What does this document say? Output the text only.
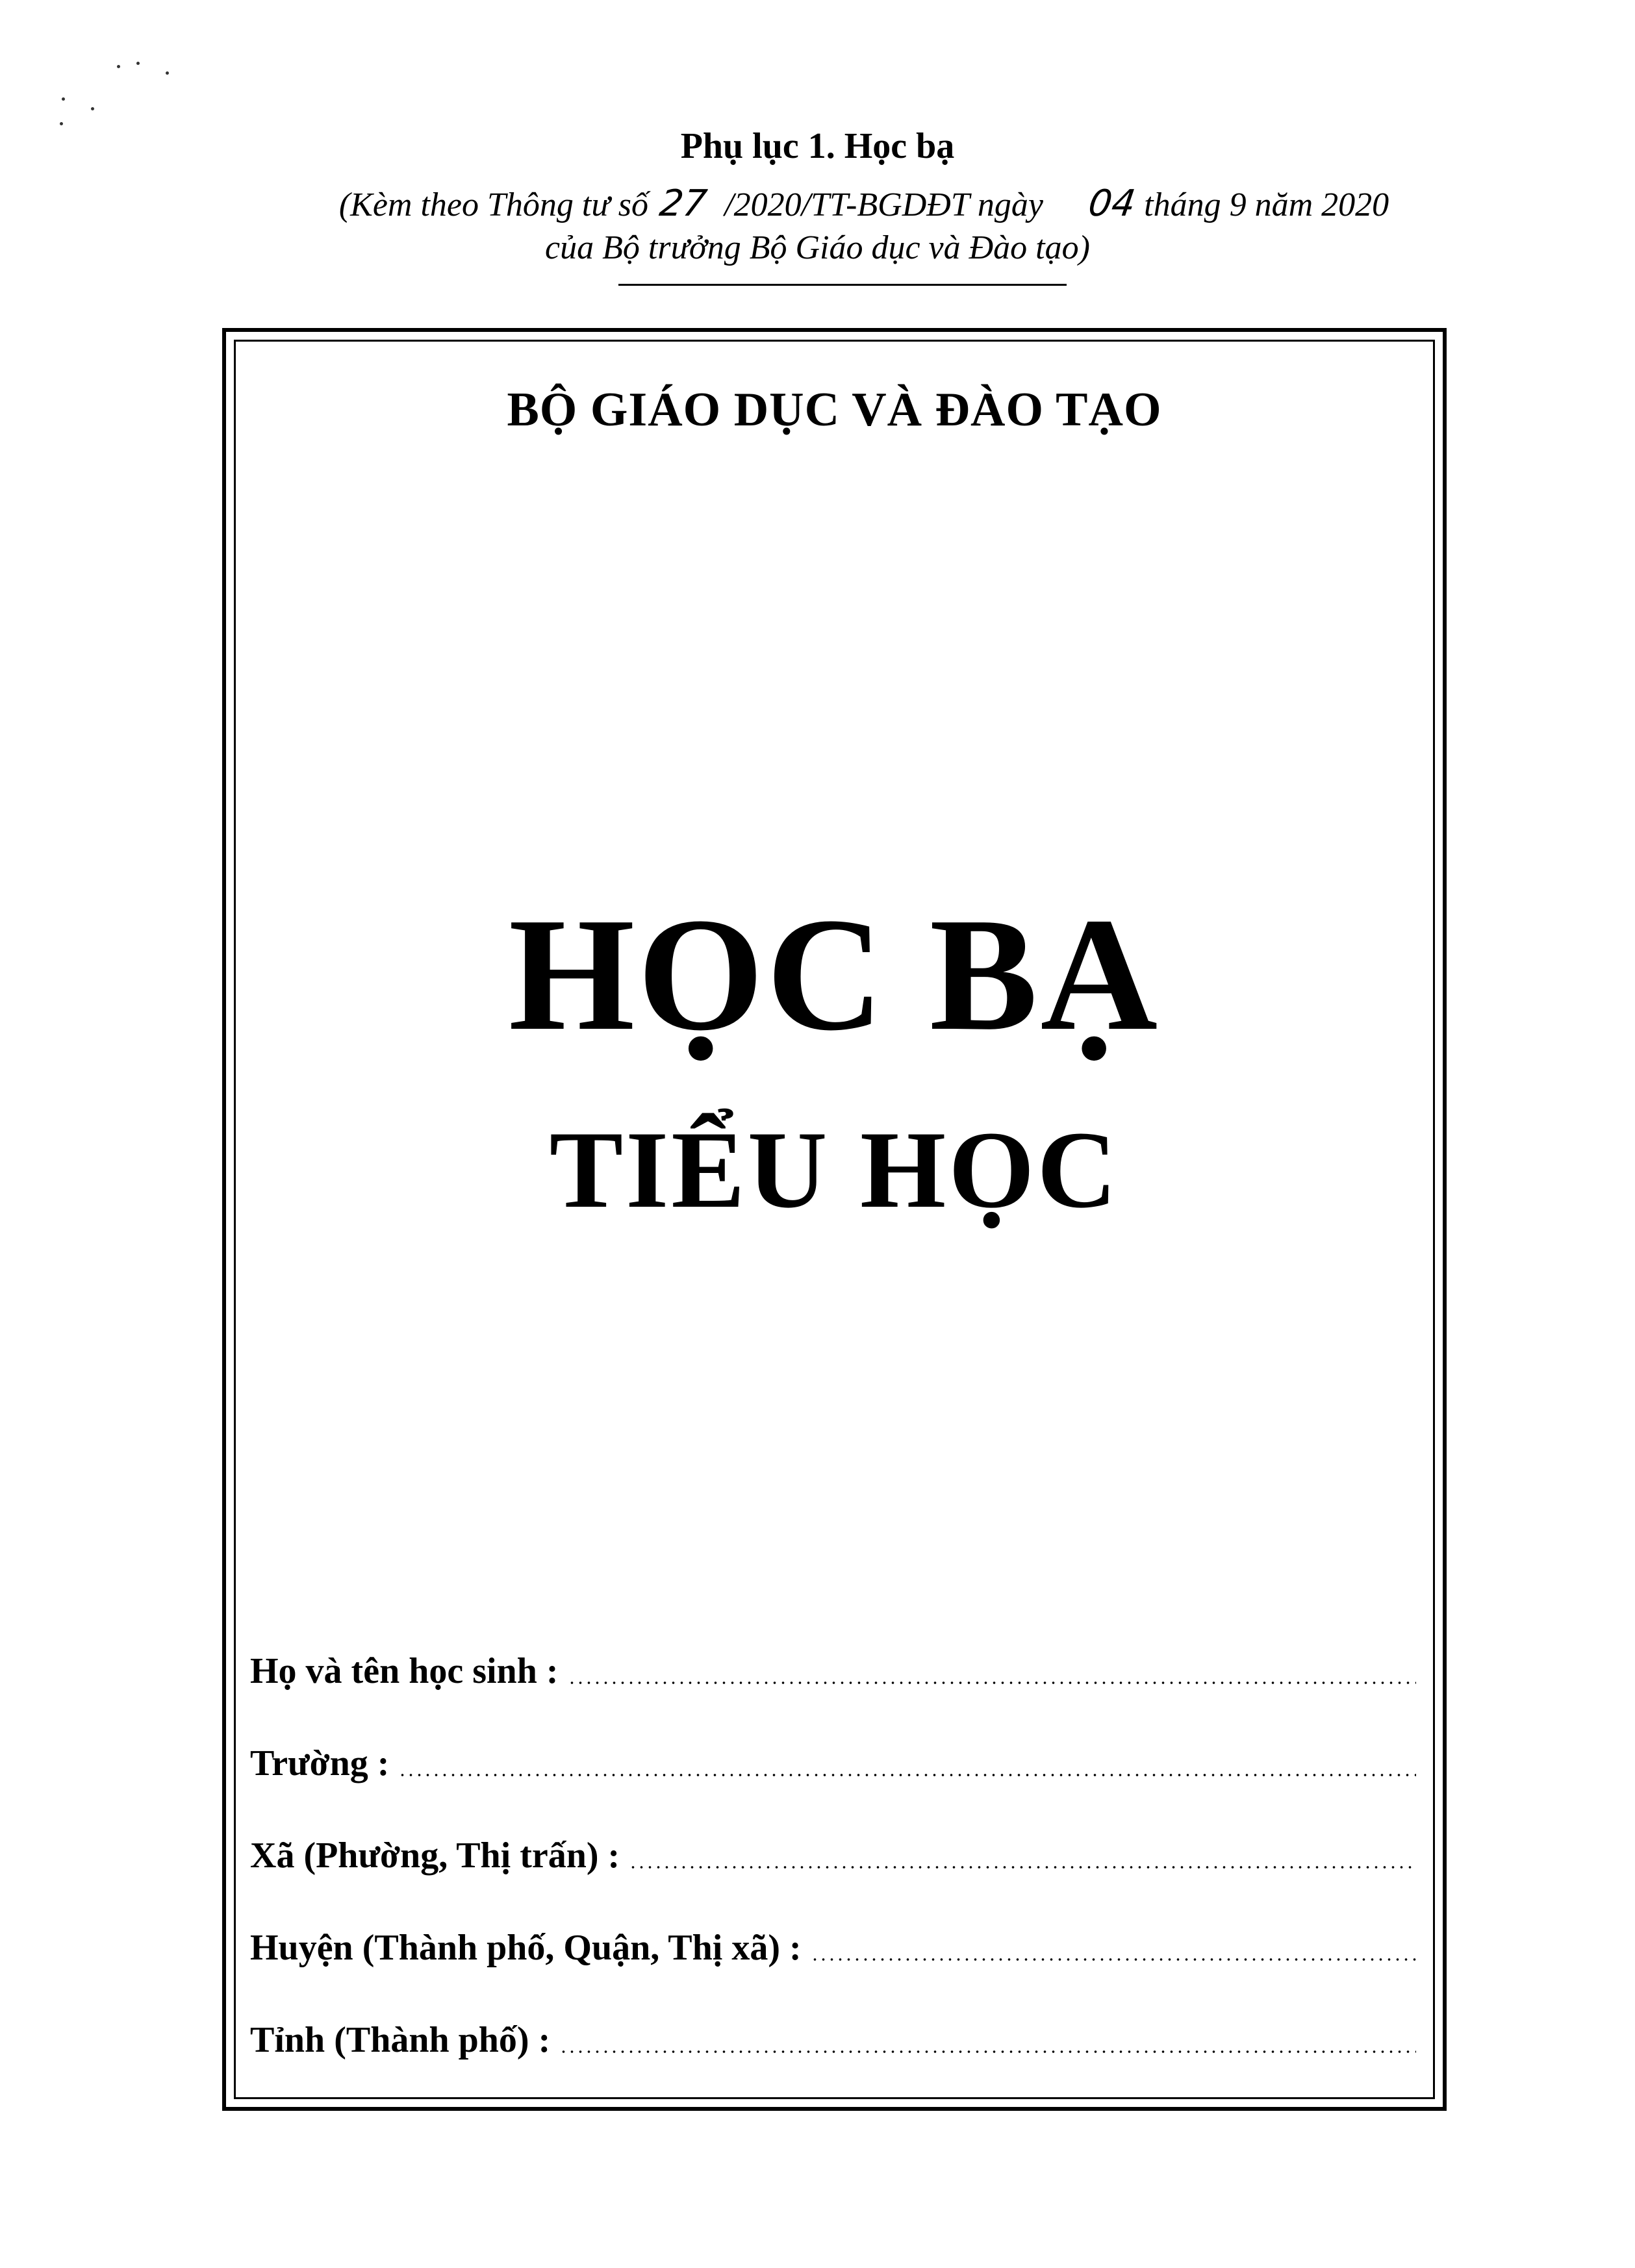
Phụ lục 1. Học bạ
(Kèm theo Thông tư số 27 /2020/TT-BGDĐT ngày 04 tháng 9 năm 2020
của Bộ trưởng Bộ Giáo dục và Đào tạo)
BỘ GIÁO DỤC VÀ ĐÀO TẠO
HỌC BẠ
TIỂU HỌC
Họ và tên học sinh :
Trường :
Xã (Phường, Thị trấn) :
Huyện (Thành phố, Quận, Thị xã) :
Tỉnh (Thành phố) :
